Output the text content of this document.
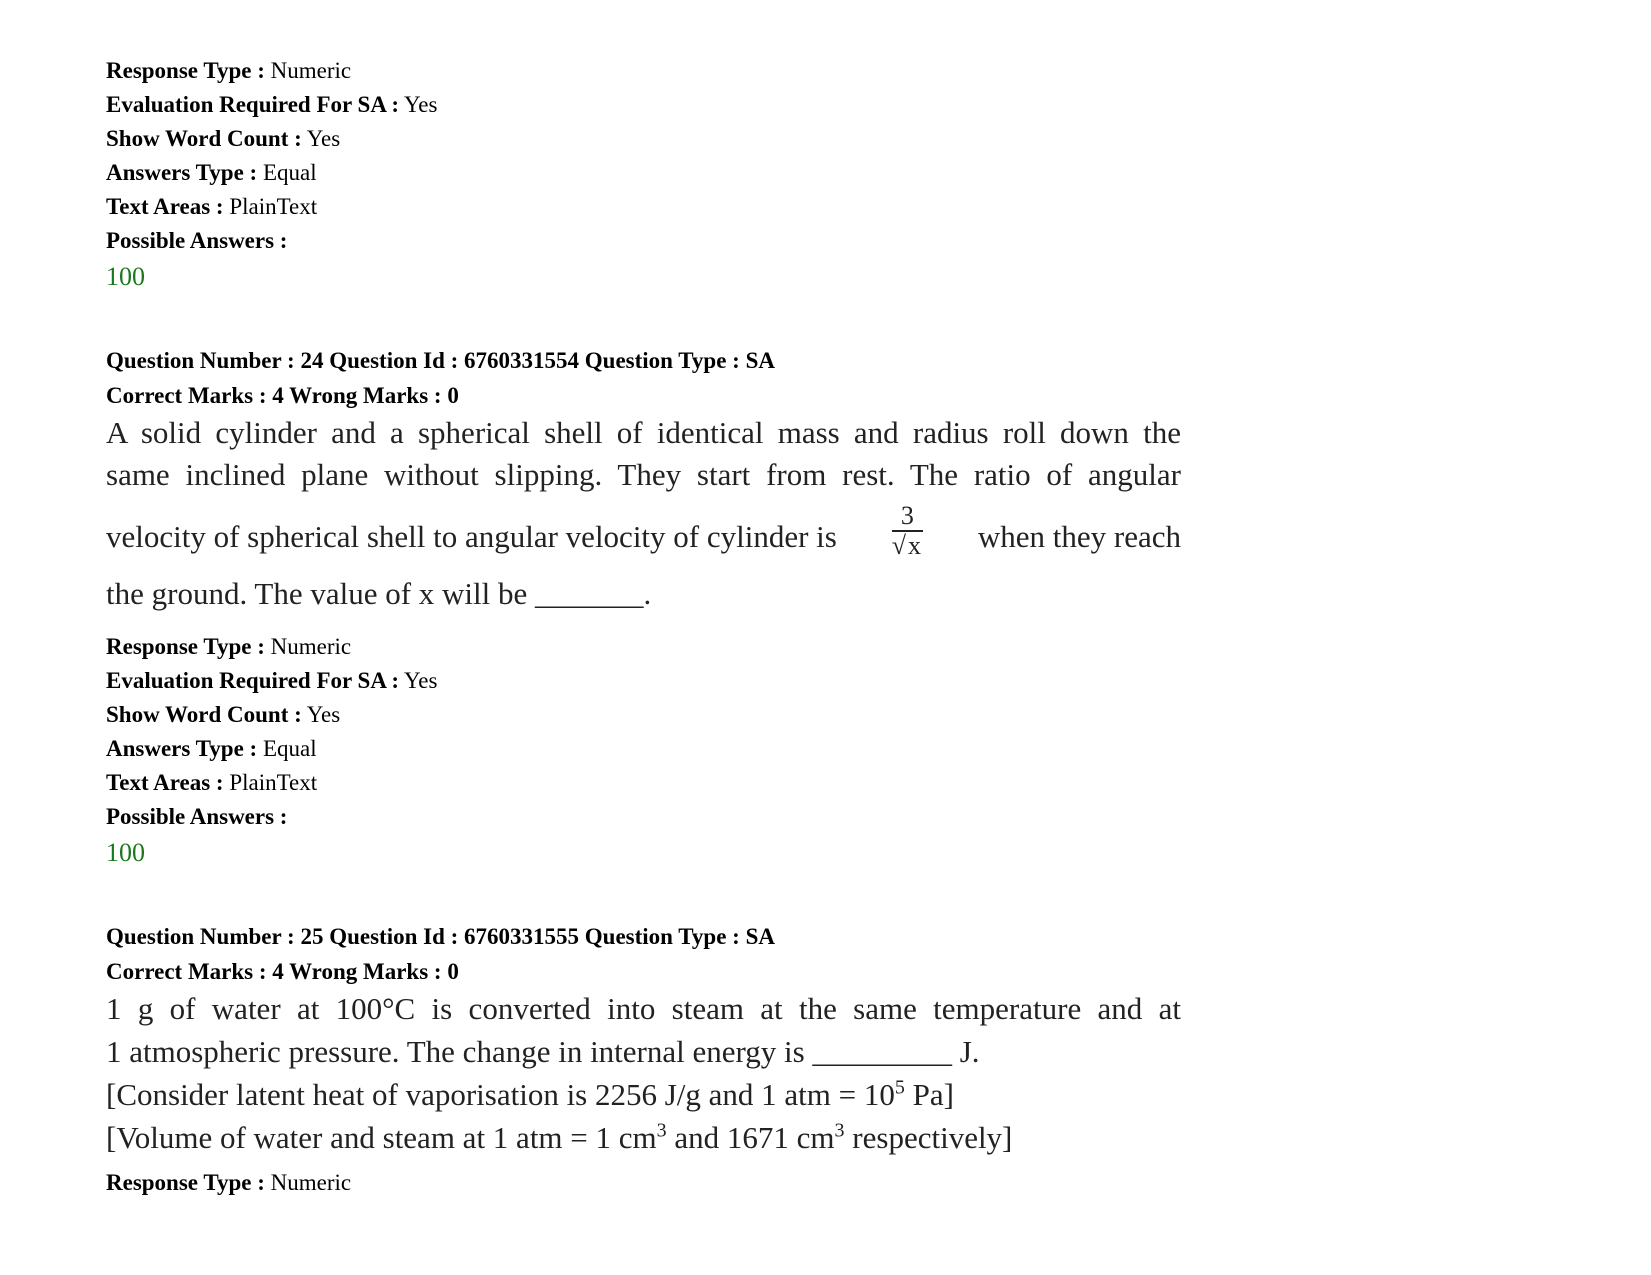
Response Type : Numeric
Evaluation Required For SA : Yes
Show Word Count : Yes
Answers Type : Equal
Text Areas : PlainText
Possible Answers :
100
Question Number : 24 Question Id : 6760331554 Question Type : SA
Correct Marks : 4 Wrong Marks : 0
A solid cylinder and a spherical shell of identical mass and radius roll down the
same inclined plane without slipping. They start from rest. The ratio of angular
velocity of spherical shell to angular velocity of cylinder is $\frac{3}{√x}$ when they reach
the ground. The value of x will be _______.
Response Type : Numeric
Evaluation Required For SA : Yes
Show Word Count : Yes
Answers Type : Equal
Text Areas : PlainText
Possible Answers :
100
Question Number : 25 Question Id : 6760331555 Question Type : SA
Correct Marks : 4 Wrong Marks : 0
1 g of water at 100°C is converted into steam at the same temperature and at
1 atmospheric pressure. The change in internal energy is _________ J.
[Consider latent heat of vaporisation is 2256 J/g and 1 atm = $10^5$ Pa]
[Volume of water and steam at 1 atm = 1 $cm^3$ and 1671 $cm^3$ respectively]
Response Type : Numeric
